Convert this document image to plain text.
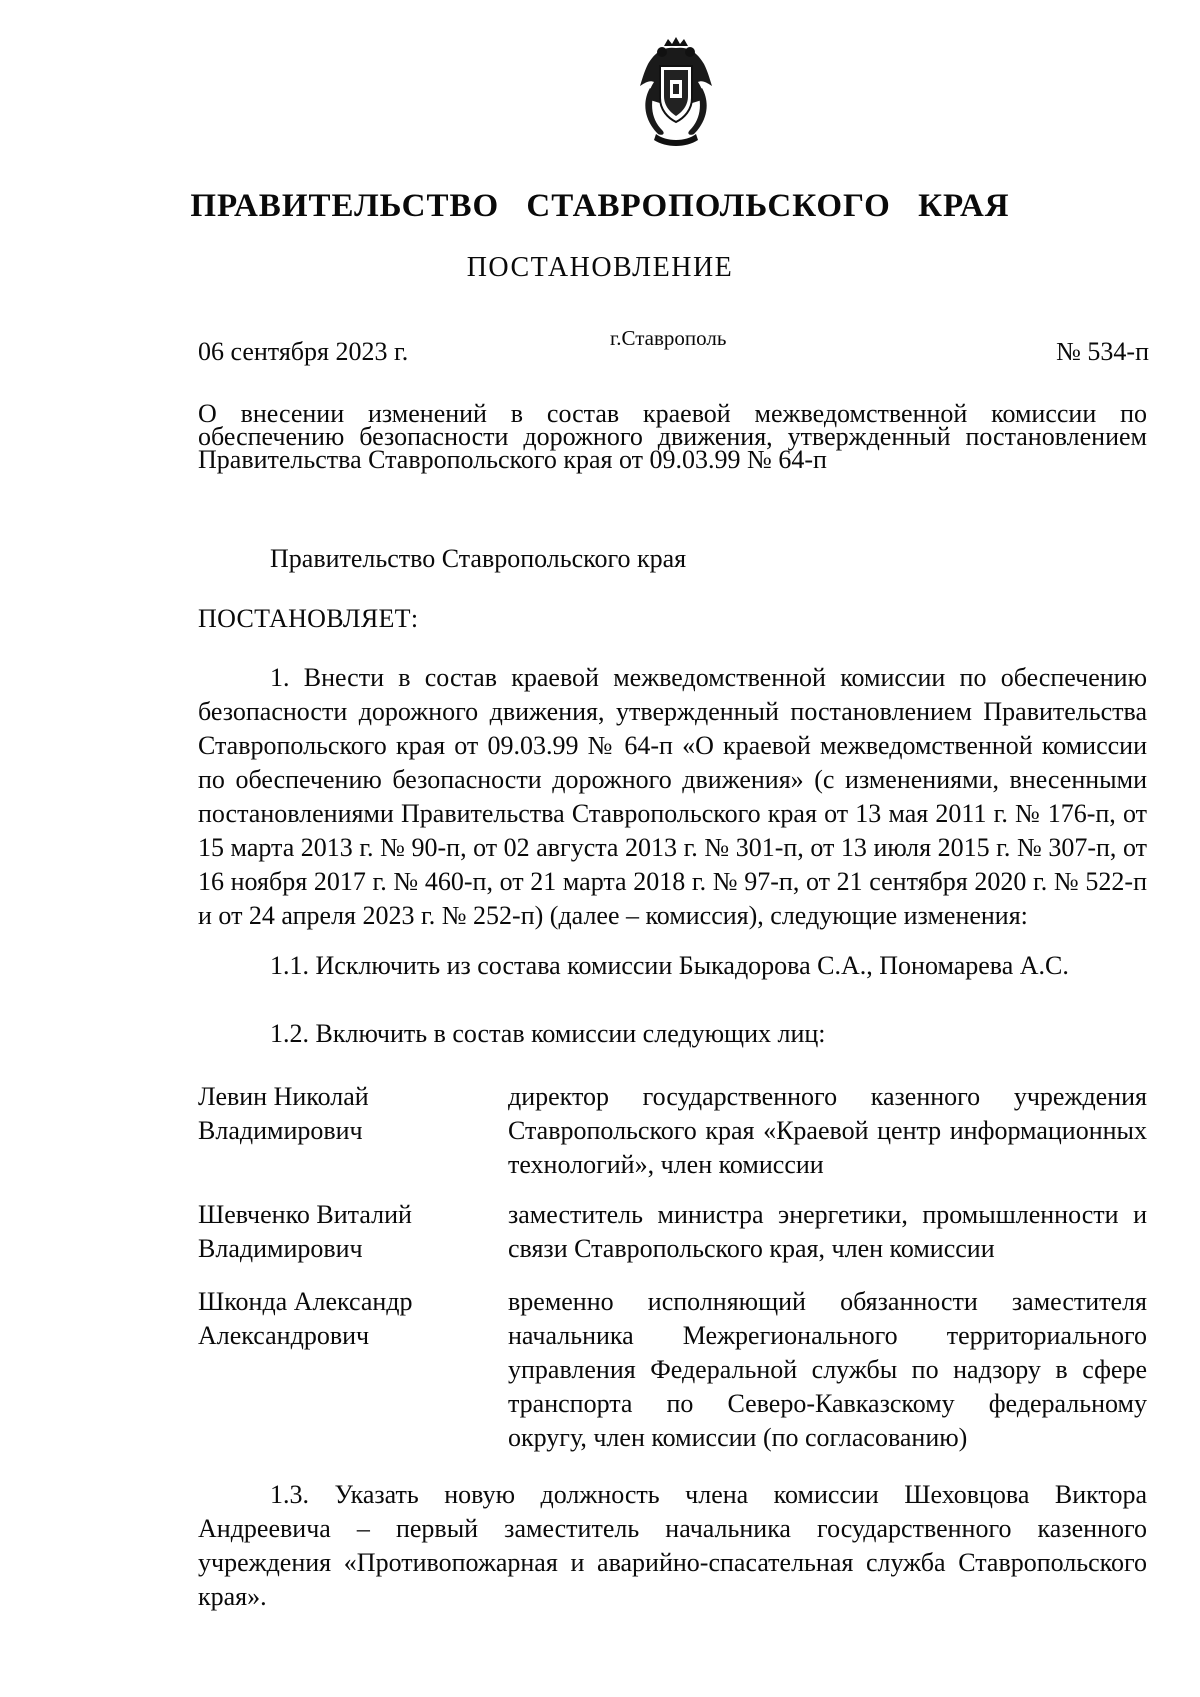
ПРАВИТЕЛЬСТВО СТАВРОПОЛЬСКОГО КРАЯ
ПОСТАНОВЛЕНИЕ
06 сентября 2023 г.	г.Ставрополь	№ 534-п
О внесении изменений в состав краевой межведомственной комиссии по обеспечению безопасности дорожного движения, утвержденный постановлением Правительства Ставропольского края от 09.03.99 № 64-п
Правительство Ставропольского края
ПОСТАНОВЛЯЕТ:
1. Внести в состав краевой межведомственной комиссии по обеспечению безопасности дорожного движения, утвержденный постановлением Правительства Ставропольского края от 09.03.99 № 64-п «О краевой межведомственной комиссии по обеспечению безопасности дорожного движения» (с изменениями, внесенными постановлениями Правительства Ставропольского края от 13 мая 2011 г. № 176-п, от 15 марта 2013 г. № 90-п, от 02 августа 2013 г. № 301-п, от 13 июля 2015 г. № 307-п, от 16 ноября 2017 г. № 460-п, от 21 марта 2018 г. № 97-п, от 21 сентября 2020 г. № 522-п и от 24 апреля 2023 г. № 252-п) (далее – комиссия), следующие изменения:
1.1. Исключить из состава комиссии Быкадорова С.А., Пономарева А.С.
1.2. Включить в состав комиссии следующих лиц:
Левин Николай Владимирович
директор государственного казенного учреждения Ставропольского края «Краевой центр информационных технологий», член комиссии
Шевченко Виталий Владимирович
заместитель министра энергетики, промышленности и связи Ставропольского края, член комиссии
Шконда Александр Александрович
временно исполняющий обязанности заместителя начальника Межрегионального территориального управления Федеральной службы по надзору в сфере транспорта по Северо-Кавказскому федеральному округу, член комиссии (по согласованию)
1.3. Указать новую должность члена комиссии Шеховцова Виктора Андреевича – первый заместитель начальника государственного казенного учреждения «Противопожарная и аварийно-спасательная служба Ставропольского края».
